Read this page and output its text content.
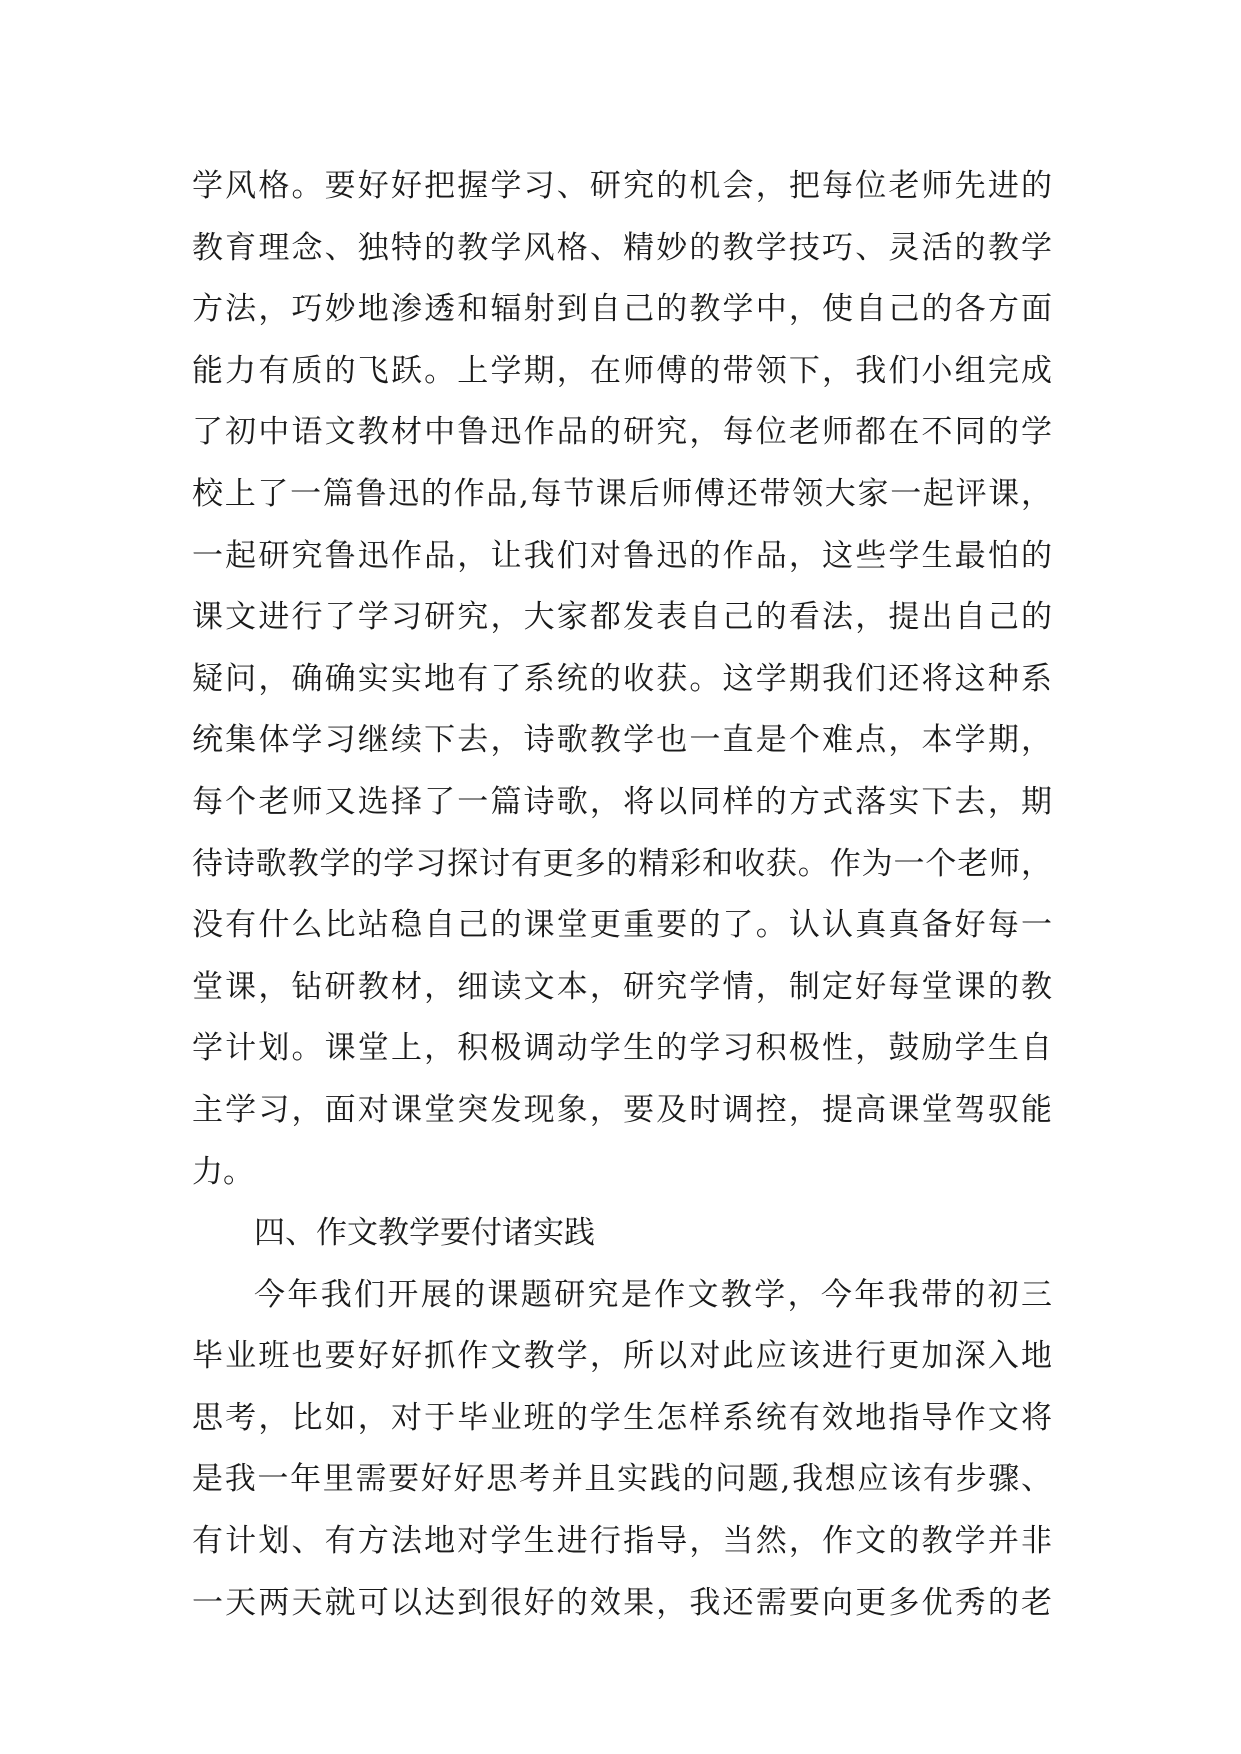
学风格。要好好把握学习、研究的机会，把每位老师先进的
教育理念、独特的教学风格、精妙的教学技巧、灵活的教学
方法，巧妙地渗透和辐射到自己的教学中，使自己的各方面
能力有质的飞跃。上学期，在师傅的带领下，我们小组完成
了初中语文教材中鲁迅作品的研究，每位老师都在不同的学
校上了一篇鲁迅的作品,每节课后师傅还带领大家一起评课，
一起研究鲁迅作品，让我们对鲁迅的作品，这些学生最怕的
课文进行了学习研究，大家都发表自己的看法，提出自己的
疑问，确确实实地有了系统的收获。这学期我们还将这种系
统集体学习继续下去，诗歌教学也一直是个难点，本学期，
每个老师又选择了一篇诗歌，将以同样的方式落实下去，期
待诗歌教学的学习探讨有更多的精彩和收获。作为一个老师，
没有什么比站稳自己的课堂更重要的了。认认真真备好每一
堂课，钻研教材，细读文本，研究学情，制定好每堂课的教
学计划。课堂上，积极调动学生的学习积极性，鼓励学生自
主学习，面对课堂突发现象，要及时调控，提高课堂驾驭能
力。
四、作文教学要付诸实践
今年我们开展的课题研究是作文教学，今年我带的初三
毕业班也要好好抓作文教学，所以对此应该进行更加深入地
思考，比如，对于毕业班的学生怎样系统有效地指导作文将
是我一年里需要好好思考并且实践的问题,我想应该有步骤、
有计划、有方法地对学生进行指导，当然，作文的教学并非
一天两天就可以达到很好的效果，我还需要向更多优秀的老
